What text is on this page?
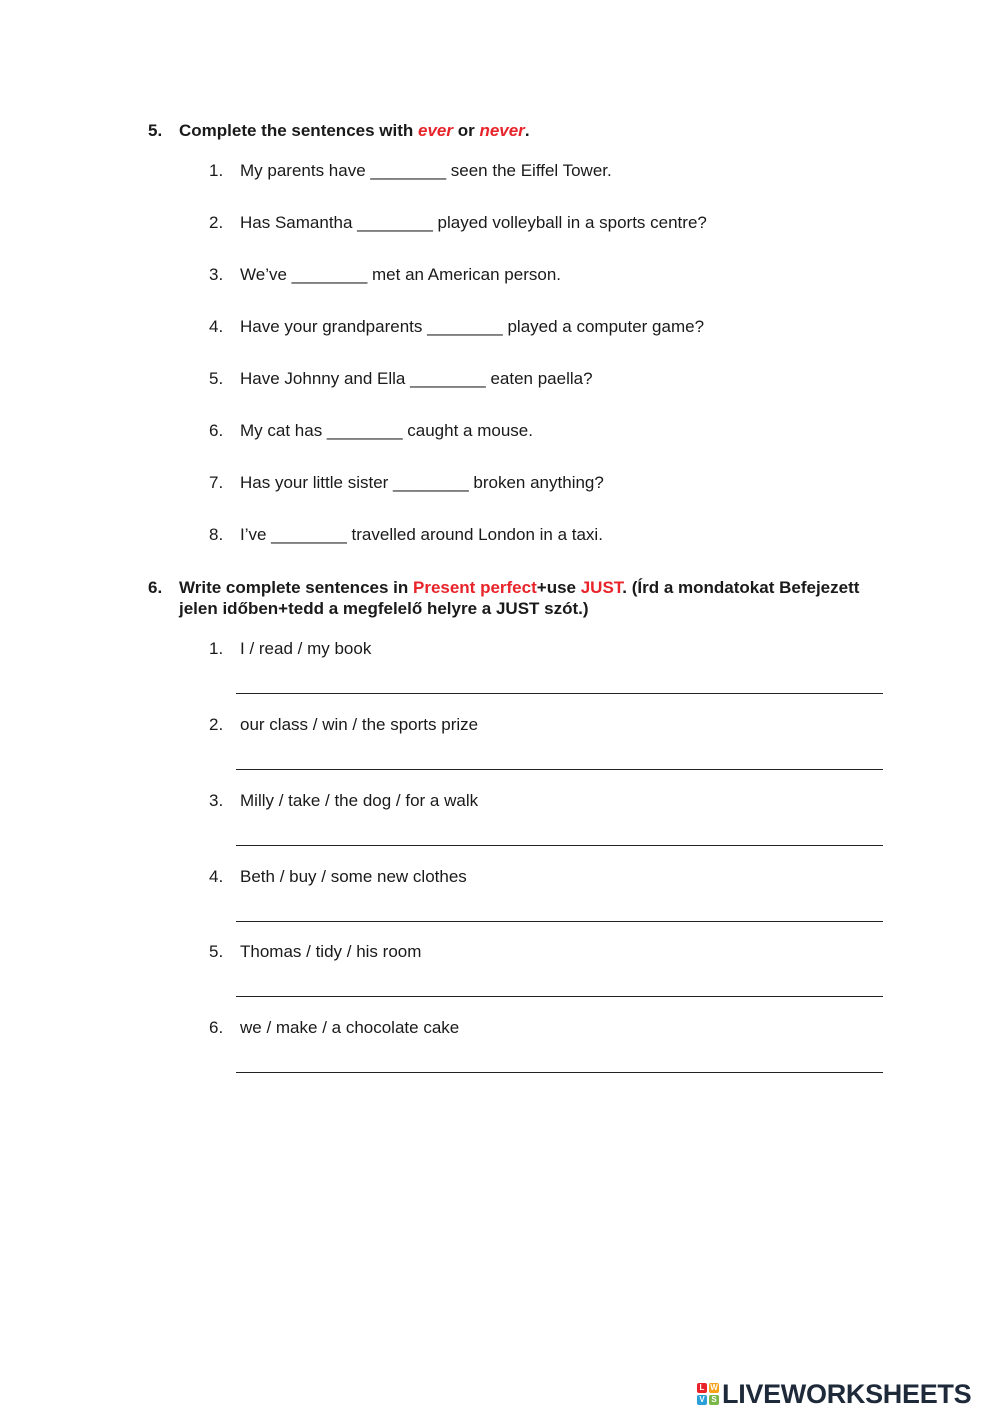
5. Complete the sentences with ever or never.
1. My parents have ________ seen the Eiffel Tower.
2. Has Samantha ________ played volleyball in a sports centre?
3. We’ve ________ met an American person.
4. Have your grandparents ________ played a computer game?
5. Have Johnny and Ella ________ eaten paella?
6. My cat has ________ caught a mouse.
7. Has your little sister ________ broken anything?
8. I’ve ________ travelled around London in a taxi.
6. Write complete sentences in Present perfect+use JUST. (Írd a mondatokat Befejezett jelen időben+tedd a megfelelő helyre a JUST szót.)
1. I / read / my book
2. our class / win / the sports prize
3. Milly / take / the dog / for a walk
4. Beth / buy / some new clothes
5. Thomas / tidy / his room
6. we / make / a chocolate cake
L W
V S LIVEWORKSHEETS
